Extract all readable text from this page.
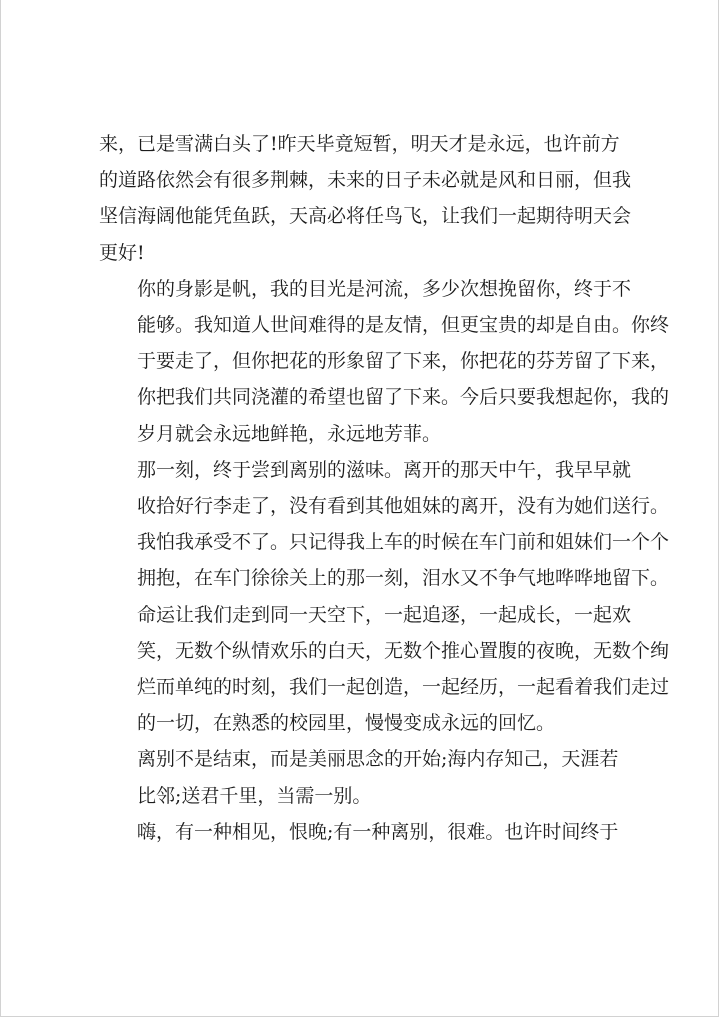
来，已是雪满白头了!昨天毕竟短暂，明天才是永远，也许前方
的道路依然会有很多荆棘，未来的日子未必就是风和日丽，但我
坚信海阔他能凭鱼跃，天高必将任鸟飞，让我们一起期待明天会
更好!

你的身影是帆，我的目光是河流，多少次想挽留你，终于不
能够。我知道人世间难得的是友情，但更宝贵的却是自由。你终
于要走了，但你把花的形象留了下来，你把花的芬芳留了下来，
你把我们共同浇灌的希望也留了下来。今后只要我想起你，我的
岁月就会永远地鲜艳，永远地芳菲。

那一刻，终于尝到离别的滋味。离开的那天中午，我早早就
收拾好行李走了，没有看到其他姐妹的离开，没有为她们送行。
我怕我承受不了。只记得我上车的时候在车门前和姐妹们一个个
拥抱，在车门徐徐关上的那一刻，泪水又不争气地哗哗地留下。

命运让我们走到同一天空下，一起追逐，一起成长，一起欢
笑，无数个纵情欢乐的白天，无数个推心置腹的夜晚，无数个绚
烂而单纯的时刻，我们一起创造，一起经历，一起看着我们走过
的一切，在熟悉的校园里，慢慢变成永远的回忆。

离别不是结束，而是美丽思念的开始;海内存知己，天涯若
比邻;送君千里，当需一别。

嗨，有一种相见，恨晚;有一种离别，很难。也许时间终于
